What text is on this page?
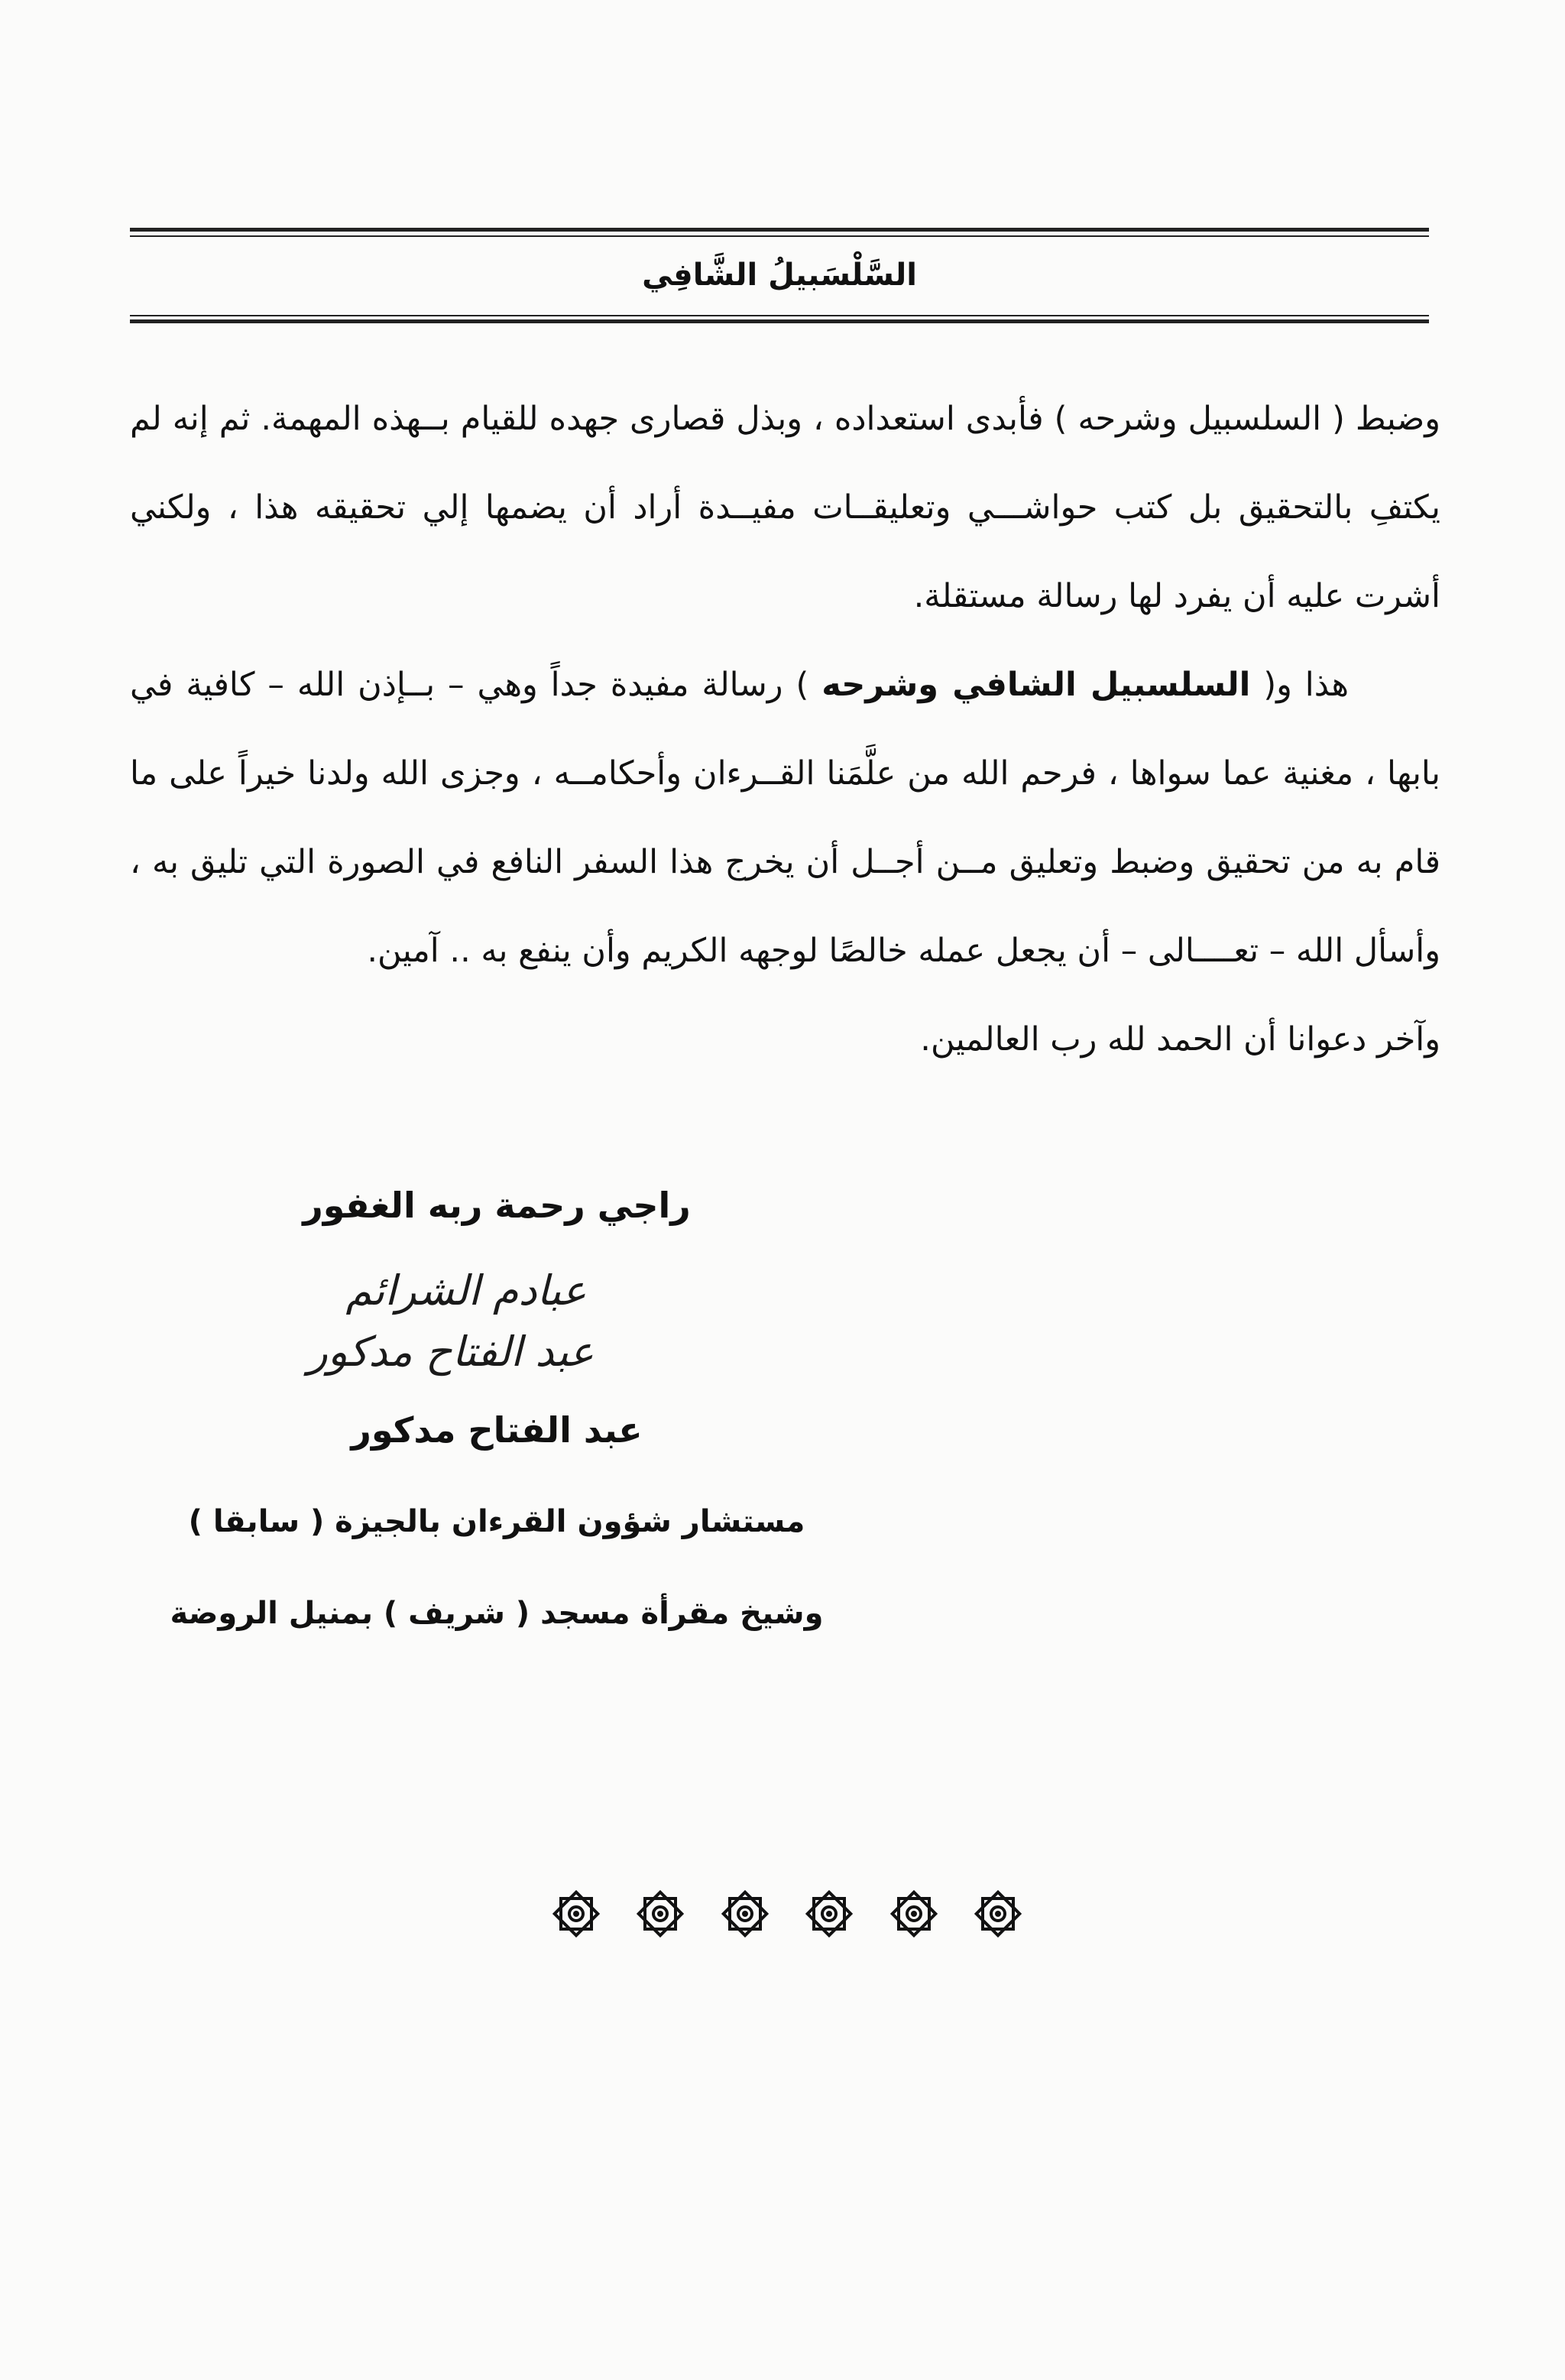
السَّلْسَبيلُ الشَّافِي

وضبط ( السلسبيل وشرحه ) فأبدى استعداده ، وبذل قصارى جهده للقيام بــهذه المهمة. ثم إنه لم يكتفِ بالتحقيق بل كتب حواشـــي وتعليقــات مفيــدة أراد أن يضمها إلي تحقيقه هذا ، ولكني أشرت عليه أن يفرد لها رسالة مستقلة.

هذا و( السلسبيل الشافي وشرحه ) رسالة مفيدة جداً وهي – بــإذن الله – كافية في بابها ، مغنية عما سواها ، فرحم الله من علَّمَنا القــرءان وأحكامــه ، وجزى الله ولدنا خيراً على ما قام به من تحقيق وضبط وتعليق مــن أجــل أن يخرج هذا السفر النافع في الصورة التي تليق به ، وأسأل الله – تعــــالى – أن يجعل عمله خالصًا لوجهه الكريم وأن ينفع به .. آمين.

وآخر دعوانا أن الحمد لله رب العالمين.

راجي رحمة ربه الغفور
عبادم الشرائم
عبد الفتاح مدكور
عبد الفتاح مدكور
مستشار شؤون القرءان بالجيزة ( سابقا )
وشيخ مقرأة مسجد ( شريف ) بمنيل الروضة
